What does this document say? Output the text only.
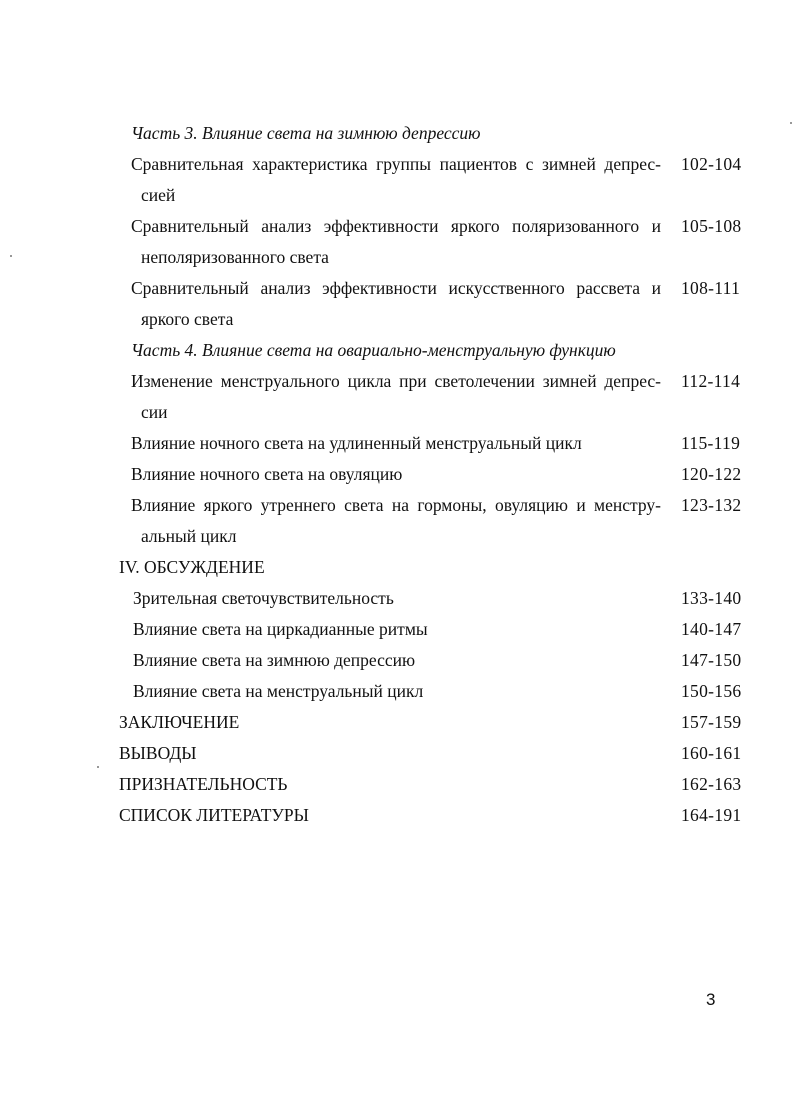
Часть 3. Влияние света на зимнюю депрессию
Сравнительная характеристика группы пациентов с зимней депрес-
сией
102-104
Сравнительный анализ эффективности яркого поляризованного и
неполяризованного света
105-108
Сравнительный анализ эффективности искусственного рассвета и
яркого света
108-111
Часть 4. Влияние света на овариально-менструальную функцию
Изменение менструального цикла при светолечении зимней депрес-
сии
112-114
Влияние ночного света на удлиненный менструальный цикл	115-119
Влияние ночного света на овуляцию	120-122
Влияние яркого утреннего света на гормоны, овуляцию и менстру-
альный цикл
123-132
IV. ОБСУЖДЕНИЕ
Зрительная светочувствительность	133-140
Влияние света на циркадианные ритмы	140-147
Влияние света на зимнюю депрессию	147-150
Влияние света на менструальный цикл	150-156
ЗАКЛЮЧЕНИЕ	157-159
ВЫВОДЫ	160-161
ПРИЗНАТЕЛЬНОСТЬ	162-163
СПИСОК ЛИТЕРАТУРЫ	164-191
3
